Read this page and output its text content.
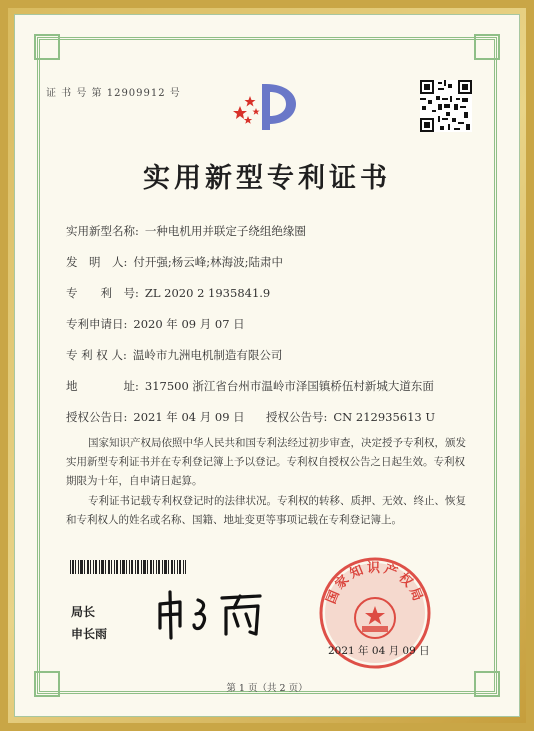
证 书 号 第 12909912 号
实用新型专利证书
实用新型名称: 一种电机用并联定子绕组绝缘圈
发　明　人: 付开强;杨云峰;林海波;陆肃中
专　　利　号: ZL 2020 2 1935841.9
专利申请日: 2020 年 09 月 07 日
专 利 权 人: 温岭市九洲电机制造有限公司
地　　　　址: 317500 浙江省台州市温岭市泽国镇桥伍村新城大道东面
授权公告日: 2021 年 04 月 09 日 授权公告号: CN 212935613 U
国家知识产权局依照中华人民共和国专利法经过初步审查，决定授予专利权，颁发实用新型专利证书并在专利登记簿上予以登记。专利权自授权公告之日起生效。专利权期限为十年，自申请日起算。
专利证书记载专利权登记时的法律状况。专利权的转移、质押、无效、终止、恢复和专利权人的姓名或名称、国籍、地址变更等事项记载在专利登记簿上。
局长
申长雨
国家知识产权局
2021 年 04 月 09 日
第 1 页（共 2 页）
